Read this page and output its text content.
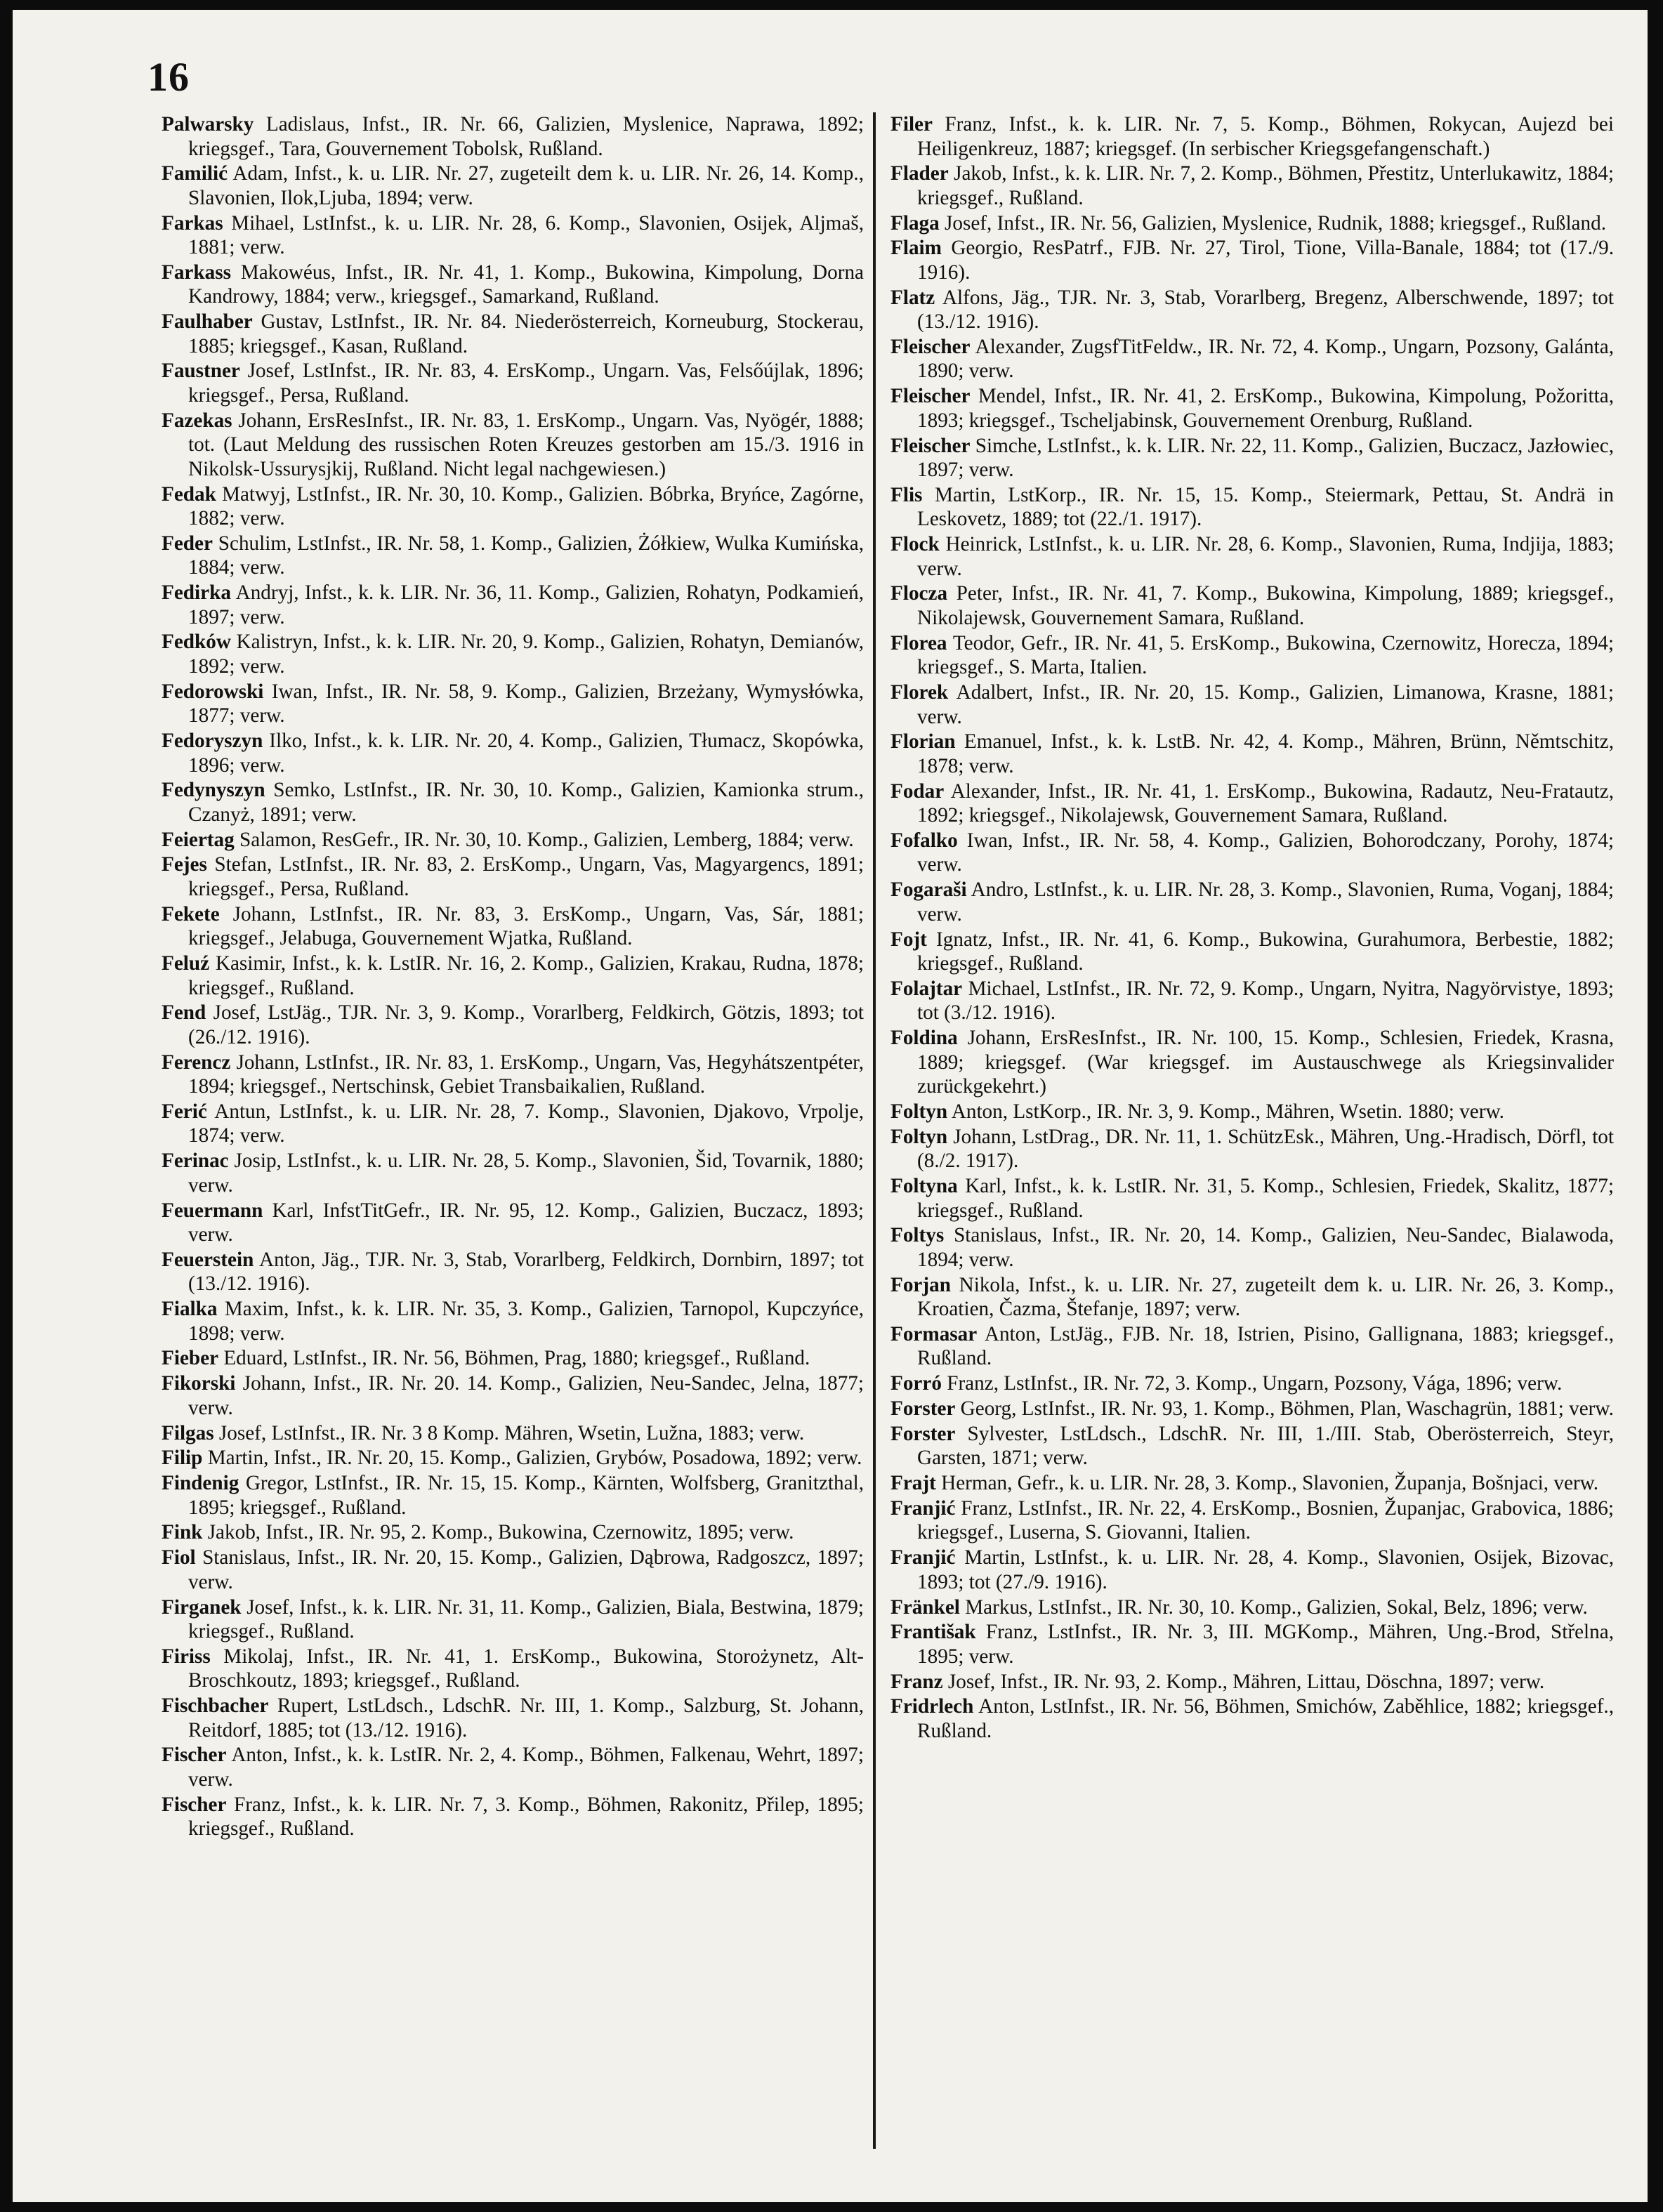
16

Palwarsky Ladislaus, Infst., IR. Nr. 66, Galizien, Myslenice, Naprawa, 1892; kriegsgef., Tara, Gouvernement Tobolsk, Rußland.

Familić Adam, Infst., k. u. LIR. Nr. 27, zugeteilt dem k. u. LIR. Nr. 26, 14. Komp., Slavonien, Ilok,Ljuba, 1894; verw.

Farkas Mihael, LstInfst., k. u. LIR. Nr. 28, 6. Komp., Slavonien, Osijek, Aljmaš, 1881; verw.

Farkass Makowéus, Infst., IR. Nr. 41, 1. Komp., Bukowina, Kimpolung, Dorna Kandrowy, 1884; verw., kriegsgef., Samarkand, Rußland.

Faulhaber Gustav, LstInfst., IR. Nr. 84. Niederösterreich, Korneuburg, Stockerau, 1885; kriegsgef., Kasan, Rußland.

Faustner Josef, LstInfst., IR. Nr. 83, 4. ErsKomp., Ungarn. Vas, Felsőújlak, 1896; kriegsgef., Persa, Rußland.

Fazekas Johann, ErsResInfst., IR. Nr. 83, 1. ErsKomp., Ungarn. Vas, Nyögér, 1888; tot. (Laut Meldung des russischen Roten Kreuzes gestorben am 15./3. 1916 in Nikolsk-Ussurysjkij, Rußland. Nicht legal nachgewiesen.)

Fedak Matwyj, LstInfst., IR. Nr. 30, 10. Komp., Galizien. Bóbrka, Bryńce, Zagórne, 1882; verw.

Feder Schulim, LstInfst., IR. Nr. 58, 1. Komp., Galizien, Żółkiew, Wulka Kumińska, 1884; verw.

Fedirka Andryj, Infst., k. k. LIR. Nr. 36, 11. Komp., Galizien, Rohatyn, Podkamień, 1897; verw.

Fedków Kalistryn, Infst., k. k. LIR. Nr. 20, 9. Komp., Galizien, Rohatyn, Demianów, 1892; verw.

Fedorowski Iwan, Infst., IR. Nr. 58, 9. Komp., Galizien, Brzeżany, Wymysłówka, 1877; verw.

Fedoryszyn Ilko, Infst., k. k. LIR. Nr. 20, 4. Komp., Galizien, Tłumacz, Skopówka, 1896; verw.

Fedynyszyn Semko, LstInfst., IR. Nr. 30, 10. Komp., Galizien, Kamionka strum., Czanyż, 1891; verw.

Feiertag Salamon, ResGefr., IR. Nr. 30, 10. Komp., Galizien, Lemberg, 1884; verw.

Fejes Stefan, LstInfst., IR. Nr. 83, 2. ErsKomp., Ungarn, Vas, Magyargencs, 1891; kriegsgef., Persa, Rußland.

Fekete Johann, LstInfst., IR. Nr. 83, 3. ErsKomp., Ungarn, Vas, Sár, 1881; kriegsgef., Jelabuga, Gouvernement Wjatka, Rußland.

Feluź Kasimir, Infst., k. k. LstIR. Nr. 16, 2. Komp., Galizien, Krakau, Rudna, 1878; kriegsgef., Rußland.

Fend Josef, LstJäg., TJR. Nr. 3, 9. Komp., Vorarlberg, Feldkirch, Götzis, 1893; tot (26./12. 1916).

Ferencz Johann, LstInfst., IR. Nr. 83, 1. ErsKomp., Ungarn, Vas, Hegyhátszentpéter, 1894; kriegsgef., Nertschinsk, Gebiet Transbaikalien, Rußland.

Ferić Antun, LstInfst., k. u. LIR. Nr. 28, 7. Komp., Slavonien, Djakovo, Vrpolje, 1874; verw.

Ferinac Josip, LstInfst., k. u. LIR. Nr. 28, 5. Komp., Slavonien, Šid, Tovarnik, 1880; verw.

Feuermann Karl, InfstTitGefr., IR. Nr. 95, 12. Komp., Galizien, Buczacz, 1893; verw.

Feuerstein Anton, Jäg., TJR. Nr. 3, Stab, Vorarlberg, Feldkirch, Dornbirn, 1897; tot (13./12. 1916).

Fialka Maxim, Infst., k. k. LIR. Nr. 35, 3. Komp., Galizien, Tarnopol, Kupczyńce, 1898; verw.

Fieber Eduard, LstInfst., IR. Nr. 56, Böhmen, Prag, 1880; kriegsgef., Rußland.

Fikorski Johann, Infst., IR. Nr. 20. 14. Komp., Galizien, Neu-Sandec, Jelna, 1877; verw.

Filgas Josef, LstInfst., IR. Nr. 3 8 Komp. Mähren, Wsetin, Lužna, 1883; verw.

Filip Martin, Infst., IR. Nr. 20, 15. Komp., Galizien, Grybów, Posadowa, 1892; verw.

Findenig Gregor, LstInfst., IR. Nr. 15, 15. Komp., Kärnten, Wolfsberg, Granitzthal, 1895; kriegsgef., Rußland.

Fink Jakob, Infst., IR. Nr. 95, 2. Komp., Bukowina, Czernowitz, 1895; verw.

Fiol Stanislaus, Infst., IR. Nr. 20, 15. Komp., Galizien, Dąbrowa, Radgoszcz, 1897; verw.

Firganek Josef, Infst., k. k. LIR. Nr. 31, 11. Komp., Galizien, Biala, Bestwina, 1879; kriegsgef., Rußland.

Firiss Mikolaj, Infst., IR. Nr. 41, 1. ErsKomp., Bukowina, Storożynetz, Alt-Broschkoutz, 1893; kriegsgef., Rußland.

Fischbacher Rupert, LstLdsch., LdschR. Nr. III, 1. Komp., Salzburg, St. Johann, Reitdorf, 1885; tot (13./12. 1916).

Fischer Anton, Infst., k. k. LstIR. Nr. 2, 4. Komp., Böhmen, Falkenau, Wehrt, 1897; verw.

Fischer Franz, Infst., k. k. LIR. Nr. 7, 3. Komp., Böhmen, Rakonitz, Přilep, 1895; kriegsgef., Rußland.

Filer Franz, Infst., k. k. LIR. Nr. 7, 5. Komp., Böhmen, Rokycan, Aujezd bei Heiligenkreuz, 1887; kriegsgef. (In serbischer Kriegsgefangenschaft.)

Flader Jakob, Infst., k. k. LIR. Nr. 7, 2. Komp., Böhmen, Přestitz, Unterlukawitz, 1884; kriegsgef., Rußland.

Flaga Josef, Infst., IR. Nr. 56, Galizien, Myslenice, Rudnik, 1888; kriegsgef., Rußland.

Flaim Georgio, ResPatrf., FJB. Nr. 27, Tirol, Tione, Villa-Banale, 1884; tot (17./9. 1916).

Flatz Alfons, Jäg., TJR. Nr. 3, Stab, Vorarlberg, Bregenz, Alberschwende, 1897; tot (13./12. 1916).

Fleischer Alexander, ZugsfTitFeldw., IR. Nr. 72, 4. Komp., Ungarn, Pozsony, Galánta, 1890; verw.

Fleischer Mendel, Infst., IR. Nr. 41, 2. ErsKomp., Bukowina, Kimpolung, Požoritta, 1893; kriegsgef., Tscheljabinsk, Gouvernement Orenburg, Rußland.

Fleischer Simche, LstInfst., k. k. LIR. Nr. 22, 11. Komp., Galizien, Buczacz, Jazłowiec, 1897; verw.

Flis Martin, LstKorp., IR. Nr. 15, 15. Komp., Steiermark, Pettau, St. Andrä in Leskovetz, 1889; tot (22./1. 1917).

Flock Heinrick, LstInfst., k. u. LIR. Nr. 28, 6. Komp., Slavonien, Ruma, Indjija, 1883; verw.

Flocza Peter, Infst., IR. Nr. 41, 7. Komp., Bukowina, Kimpolung, 1889; kriegsgef., Nikolajewsk, Gouvernement Samara, Rußland.

Florea Teodor, Gefr., IR. Nr. 41, 5. ErsKomp., Bukowina, Czernowitz, Horecza, 1894; kriegsgef., S. Marta, Italien.

Florek Adalbert, Infst., IR. Nr. 20, 15. Komp., Galizien, Limanowa, Krasne, 1881; verw.

Florian Emanuel, Infst., k. k. LstB. Nr. 42, 4. Komp., Mähren, Brünn, Němtschitz, 1878; verw.

Fodar Alexander, Infst., IR. Nr. 41, 1. ErsKomp., Bukowina, Radautz, Neu-Fratautz, 1892; kriegsgef., Nikolajewsk, Gouvernement Samara, Rußland.

Fofalko Iwan, Infst., IR. Nr. 58, 4. Komp., Galizien, Bohorodczany, Porohy, 1874; verw.

Fogaraši Andro, LstInfst., k. u. LIR. Nr. 28, 3. Komp., Slavonien, Ruma, Voganj, 1884; verw.

Fojt Ignatz, Infst., IR. Nr. 41, 6. Komp., Bukowina, Gurahumora, Berbestie, 1882; kriegsgef., Rußland.

Folajtar Michael, LstInfst., IR. Nr. 72, 9. Komp., Ungarn, Nyitra, Nagyörvistye, 1893; tot (3./12. 1916).

Foldina Johann, ErsResInfst., IR. Nr. 100, 15. Komp., Schlesien, Friedek, Krasna, 1889; kriegsgef. (War kriegsgef. im Austauschwege als Kriegsinvalider zurückgekehrt.)

Foltyn Anton, LstKorp., IR. Nr. 3, 9. Komp., Mähren, Wsetin. 1880; verw.

Foltyn Johann, LstDrag., DR. Nr. 11, 1. SchützEsk., Mähren, Ung.-Hradisch, Dörfl, tot (8./2. 1917).

Foltyna Karl, Infst., k. k. LstIR. Nr. 31, 5. Komp., Schlesien, Friedek, Skalitz, 1877; kriegsgef., Rußland.

Foltys Stanislaus, Infst., IR. Nr. 20, 14. Komp., Galizien, Neu-Sandec, Bialawoda, 1894; verw.

Forjan Nikola, Infst., k. u. LIR. Nr. 27, zugeteilt dem k. u. LIR. Nr. 26, 3. Komp., Kroatien, Čazma, Štefanje, 1897; verw.

Formasar Anton, LstJäg., FJB. Nr. 18, Istrien, Pisino, Gallignana, 1883; kriegsgef., Rußland.

Forró Franz, LstInfst., IR. Nr. 72, 3. Komp., Ungarn, Pozsony, Vága, 1896; verw.

Forster Georg, LstInfst., IR. Nr. 93, 1. Komp., Böhmen, Plan, Waschagrün, 1881; verw.

Forster Sylvester, LstLdsch., LdschR. Nr. III, 1./III. Stab, Oberösterreich, Steyr, Garsten, 1871; verw.

Frajt Herman, Gefr., k. u. LIR. Nr. 28, 3. Komp., Slavonien, Županja, Bošnjaci, verw.

Franjić Franz, LstInfst., IR. Nr. 22, 4. ErsKomp., Bosnien, Županjac, Grabovica, 1886; kriegsgef., Luserna, S. Giovanni, Italien.

Franjić Martin, LstInfst., k. u. LIR. Nr. 28, 4. Komp., Slavonien, Osijek, Bizovac, 1893; tot (27./9. 1916).

Fränkel Markus, LstInfst., IR. Nr. 30, 10. Komp., Galizien, Sokal, Belz, 1896; verw.

Františak Franz, LstInfst., IR. Nr. 3, III. MGKomp., Mähren, Ung.-Brod, Střelna, 1895; verw.

Franz Josef, Infst., IR. Nr. 93, 2. Komp., Mähren, Littau, Döschna, 1897; verw.

Fridrlech Anton, LstInfst., IR. Nr. 56, Böhmen, Smichów, Zaběhlice, 1882; kriegsgef., Rußland.
